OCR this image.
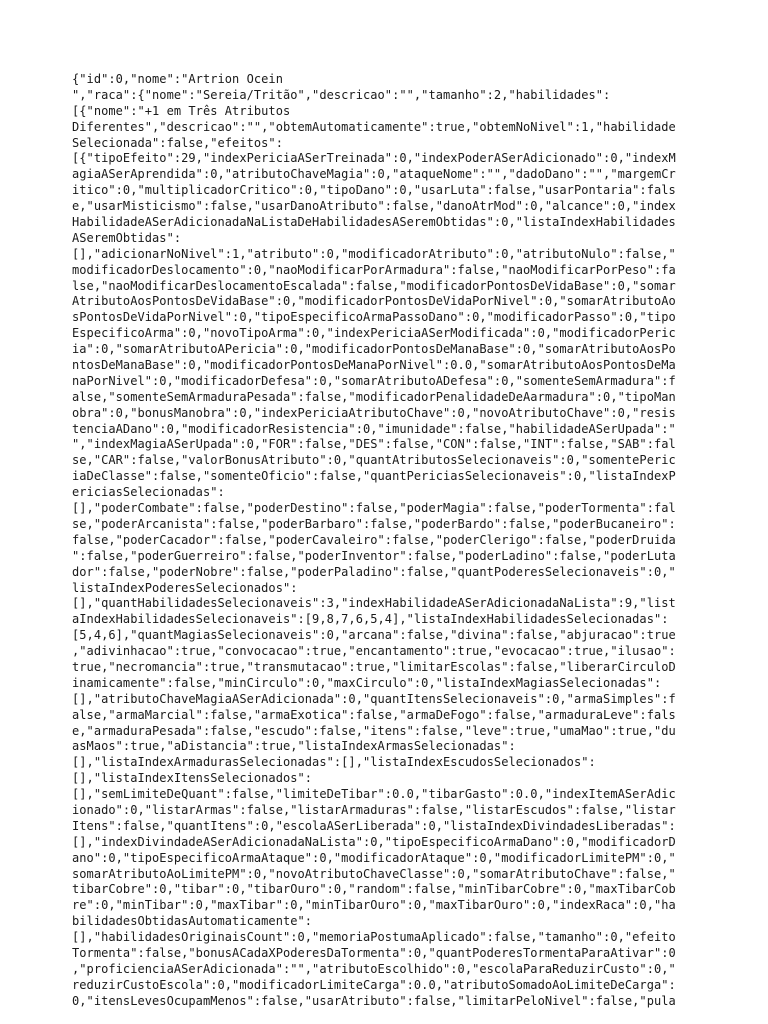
{"id":0,"nome":"Artrion Ocein
","raca":{"nome":"Sereia/Tritão","descricao":"","tamanho":2,"habilidades":
[{"nome":"+1 em Três Atributos
Diferentes","descricao":"","obtemAutomaticamente":true,"obtemNoNivel":1,"habilidade
Selecionada":false,"efeitos":
[{"tipoEfeito":29,"indexPericiaASerTreinada":0,"indexPoderASerAdicionado":0,"indexM
agiaASerAprendida":0,"atributoChaveMagia":0,"ataqueNome":"","dadoDano":"","margemCr
itico":0,"multiplicadorCritico":0,"tipoDano":0,"usarLuta":false,"usarPontaria":fals
e,"usarMisticismo":false,"usarDanoAtributo":false,"danoAtrMod":0,"alcance":0,"index
HabilidadeASerAdicionadaNaListaDeHabilidadesASeremObtidas":0,"listaIndexHabilidades
ASeremObtidas":
[],"adicionarNoNivel":1,"atributo":0,"modificadorAtributo":0,"atributoNulo":false,"
modificadorDeslocamento":0,"naoModificarPorArmadura":false,"naoModificarPorPeso":fa
lse,"naoModificarDeslocamentoEscalada":false,"modificadorPontosDeVidaBase":0,"somar
AtributoAosPontosDeVidaBase":0,"modificadorPontosDeVidaPorNivel":0,"somarAtributoAo
sPontosDeVidaPorNivel":0,"tipoEspecificoArmaPassoDano":0,"modificadorPasso":0,"tipo
EspecificoArma":0,"novoTipoArma":0,"indexPericiaASerModificada":0,"modificadorPeric
ia":0,"somarAtributoAPericia":0,"modificadorPontosDeManaBase":0,"somarAtributoAosPo
ntosDeManaBase":0,"modificadorPontosDeManaPorNivel":0.0,"somarAtributoAosPontosDeMa
naPorNivel":0,"modificadorDefesa":0,"somarAtributoADefesa":0,"somenteSemArmadura":f
alse,"somenteSemArmaduraPesada":false,"modificadorPenalidadeDeAarmadura":0,"tipoMan
obra":0,"bonusManobra":0,"indexPericiaAtributoChave":0,"novoAtributoChave":0,"resis
tenciaADano":0,"modificadorResistencia":0,"imunidade":false,"habilidadeASerUpada":"
","indexMagiaASerUpada":0,"FOR":false,"DES":false,"CON":false,"INT":false,"SAB":fal
se,"CAR":false,"valorBonusAtributo":0,"quantAtributosSelecionaveis":0,"somentePeric
iaDeClasse":false,"somenteOficio":false,"quantPericiasSelecionaveis":0,"listaIndexP
ericiasSelecionadas":
[],"poderCombate":false,"poderDestino":false,"poderMagia":false,"poderTormenta":fal
se,"poderArcanista":false,"poderBarbaro":false,"poderBardo":false,"poderBucaneiro":
false,"poderCacador":false,"poderCavaleiro":false,"poderClerigo":false,"poderDruida
":false,"poderGuerreiro":false,"poderInventor":false,"poderLadino":false,"poderLuta
dor":false,"poderNobre":false,"poderPaladino":false,"quantPoderesSelecionaveis":0,"
listaIndexPoderesSelecionados":
[],"quantHabilidadesSelecionaveis":3,"indexHabilidadeASerAdicionadaNaLista":9,"list
aIndexHabilidadesSelecionaveis":[9,8,7,6,5,4],"listaIndexHabilidadesSelecionadas":
[5,4,6],"quantMagiasSelecionaveis":0,"arcana":false,"divina":false,"abjuracao":true
,"adivinhacao":true,"convocacao":true,"encantamento":true,"evocacao":true,"ilusao":
true,"necromancia":true,"transmutacao":true,"limitarEscolas":false,"liberarCirculoD
inamicamente":false,"minCirculo":0,"maxCirculo":0,"listaIndexMagiasSelecionadas":
[],"atributoChaveMagiaASerAdicionada":0,"quantItensSelecionaveis":0,"armaSimples":f
alse,"armaMarcial":false,"armaExotica":false,"armaDeFogo":false,"armaduraLeve":fals
e,"armaduraPesada":false,"escudo":false,"itens":false,"leve":true,"umaMao":true,"du
asMaos":true,"aDistancia":true,"listaIndexArmasSelecionadas":
[],"listaIndexArmadurasSelecionadas":[],"listaIndexEscudosSelecionados":
[],"listaIndexItensSelecionados":
[],"semLimiteDeQuant":false,"limiteDeTibar":0.0,"tibarGasto":0.0,"indexItemASerAdic
ionado":0,"listarArmas":false,"listarArmaduras":false,"listarEscudos":false,"listar
Itens":false,"quantItens":0,"escolaASerLiberada":0,"listaIndexDivindadesLiberadas":
[],"indexDivindadeASerAdicionadaNaLista":0,"tipoEspecificoArmaDano":0,"modificadorD
ano":0,"tipoEspecificoArmaAtaque":0,"modificadorAtaque":0,"modificadorLimitePM":0,"
somarAtributoAoLimitePM":0,"novoAtributoChaveClasse":0,"somarAtributoChave":false,"
tibarCobre":0,"tibar":0,"tibarOuro":0,"random":false,"minTibarCobre":0,"maxTibarCob
re":0,"minTibar":0,"maxTibar":0,"minTibarOuro":0,"maxTibarOuro":0,"indexRaca":0,"ha
bilidadesObtidasAutomaticamente":
[],"habilidadesOriginaisCount":0,"memoriaPostumaAplicado":false,"tamanho":0,"efeito
Tormenta":false,"bonusACadaXPoderesDaTormenta":0,"quantPoderesTormentaParaAtivar":0
,"proficienciaASerAdicionada":"","atributoEscolhido":0,"escolaParaReduzirCusto":0,"
reduzirCustoEscola":0,"modificadorLimiteCarga":0.0,"atributoSomadoAoLimiteDeCarga":
0,"itensLevesOcupamMenos":false,"usarAtributo":false,"limitarPeloNivel":false,"pula
